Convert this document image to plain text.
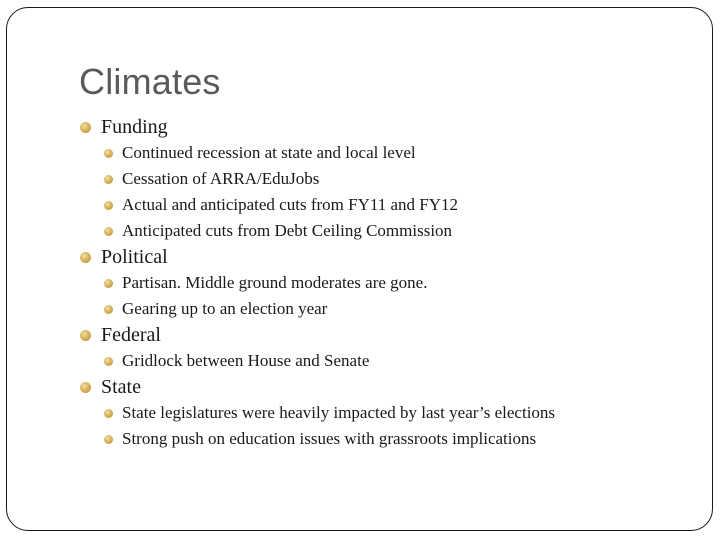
Climates
Funding
Continued recession at state and local level
Cessation of ARRA/EduJobs
Actual and anticipated cuts from FY11 and FY12
Anticipated cuts from Debt Ceiling Commission
Political
Partisan. Middle ground moderates are gone.
Gearing up to an election year
Federal
Gridlock between House and Senate
State
State legislatures were heavily impacted by last year’s elections
Strong push on education issues with grassroots implications
